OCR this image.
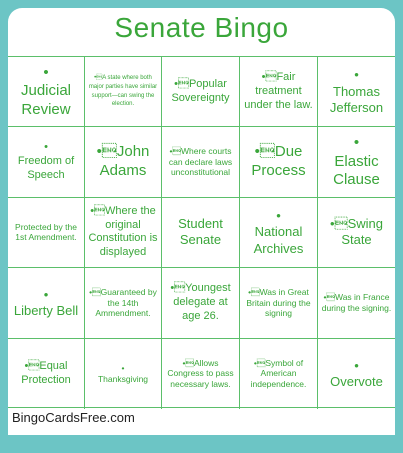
Senate Bingo
•
Judicial Review
•A state where both major parties have similar support—can swing the election.
•Popular Sovereignty
•Fair treatment under the law.
•
Thomas Jefferson
•
Freedom of Speech
•John Adams
•Where courts can declare laws unconstitutional
•Due Process
•
Elastic Clause
Protected by the 1st Amendment.
•Where the original Constitution is displayed
Student Senate
•
National Archives
•Swing State
•
Liberty Bell
•Guaranteed by the 14th Ammendment.
•Youngest delegate at age 26.
•Was in Great Britain during the signing
•Was in France during the signing.
•Equal Protection
•
Thanksgiving
•Allows Congress to pass necessary laws.
•Symbol of American independence.
•
Overvote
BingoCardsFree.com
